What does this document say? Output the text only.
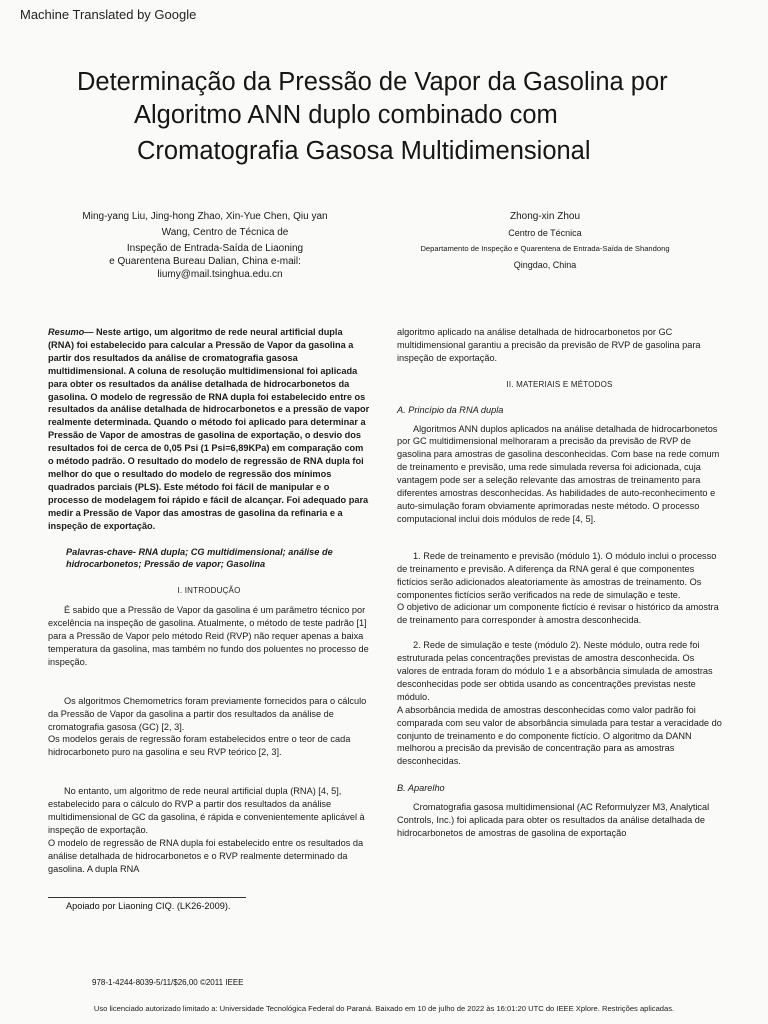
Machine Translated by Google
Determinação da Pressão de Vapor da Gasolina por
Algoritmo ANN duplo combinado com
Cromatografia Gasosa Multidimensional
Ming-yang Liu, Jing-hong Zhao, Xin-Yue Chen, Qiu yan
Wang, Centro de Técnica de
Inspeção de Entrada-Saída de Liaoning
e Quarentena Bureau Dalian, China e-mail:
liumy@mail.tsinghua.edu.cn
Zhong-xin Zhou
Centro de Técnica
Departamento de Inspeção e Quarentena de Entrada-Saída de Shandong
Qingdao, China

Resumo— Neste artigo, um algoritmo de rede neural artificial dupla (RNA) foi estabelecido para calcular a Pressão de Vapor da gasolina a partir dos resultados da análise de cromatografia gasosa multidimensional. A coluna de resolução multidimensional foi aplicada para obter os resultados da análise detalhada de hidrocarbonetos da gasolina. O modelo de regressão de RNA dupla foi estabelecido entre os resultados da análise detalhada de hidrocarbonetos e a pressão de vapor realmente determinada. Quando o método foi aplicado para determinar a Pressão de Vapor de amostras de gasolina de exportação, o desvio dos resultados foi de cerca de 0,05 Psi (1 Psi=6,89KPa) em comparação com o método padrão. O resultado do modelo de regressão de RNA dupla foi melhor do que o resultado do modelo de regressão dos mínimos quadrados parciais (PLS). Este método foi fácil de manipular e o processo de modelagem foi rápido e fácil de alcançar. Foi adequado para medir a Pressão de Vapor das amostras de gasolina da refinaria e a inspeção de exportação.

Palavras-chave- RNA dupla; CG multidimensional; análise de hidrocarbonetos; Pressão de vapor; Gasolina

I. INTRODUÇÃO

É sabido que a Pressão de Vapor da gasolina é um parâmetro técnico por excelência na inspeção de gasolina. Atualmente, o método de teste padrão [1] para a Pressão de Vapor pelo método Reid (RVP) não requer apenas a baixa temperatura da gasolina, mas também no fundo dos poluentes no processo de inspeção.

Os algoritmos Chemometrics foram previamente fornecidos para o cálculo da Pressão de Vapor da gasolina a partir dos resultados da análise de cromatografia gasosa (GC) [2, 3].

Os modelos gerais de regressão foram estabelecidos entre o teor de cada hidrocarboneto puro na gasolina e seu RVP teórico [2, 3].

No entanto, um algoritmo de rede neural artificial dupla (RNA) [4, 5], estabelecido para o cálculo do RVP a partir dos resultados da análise multidimensional de GC da gasolina, é rápida e convenientemente aplicável à inspeção de exportação.

O modelo de regressão de RNA dupla foi estabelecido entre os resultados da análise detalhada de hidrocarbonetos e o RVP realmente determinado da gasolina. A dupla RNA

algoritmo aplicado na análise detalhada de hidrocarbonetos por GC multidimensional garantiu a precisão da previsão de RVP de gasolina para inspeção de exportação.

II. MATERIAIS E MÉTODOS

A. Princípio da RNA dupla

Algoritmos ANN duplos aplicados na análise detalhada de hidrocarbonetos por GC multidimensional melhoraram a precisão da previsão de RVP de gasolina para amostras de gasolina desconhecidas. Com base na rede comum de treinamento e previsão, uma rede simulada reversa foi adicionada, cuja vantagem pode ser a seleção relevante das amostras de treinamento para diferentes amostras desconhecidas. As habilidades de auto-reconhecimento e auto-simulação foram obviamente aprimoradas neste método. O processo computacional inclui dois módulos de rede [4, 5].

1. Rede de treinamento e previsão (módulo 1). O módulo inclui o processo de treinamento e previsão. A diferença da RNA geral é que componentes fictícios serão adicionados aleatoriamente às amostras de treinamento. Os componentes fictícios serão verificados na rede de simulação e teste.

O objetivo de adicionar um componente fictício é revisar o histórico da amostra de treinamento para corresponder à amostra desconhecida.

2. Rede de simulação e teste (módulo 2). Neste módulo, outra rede foi estruturada pelas concentrações previstas de amostra desconhecida. Os valores de entrada foram do módulo 1 e a absorbância simulada de amostras desconhecidas pode ser obtida usando as concentrações previstas neste módulo.

A absorbância medida de amostras desconhecidas como valor padrão foi comparada com seu valor de absorbância simulada para testar a veracidade do conjunto de treinamento e do componente fictício. O algoritmo da DANN melhorou a precisão da previsão de concentração para as amostras desconhecidas.

B. Aparelho

Cromatografia gasosa multidimensional (AC Reformulyzer M3, Analytical Controls, Inc.) foi aplicada para obter os resultados da análise detalhada de hidrocarbonetos de amostras de gasolina de exportação

Apoiado por Liaoning CIQ. (LK26-2009).
978-1-4244-8039-5/11/$26,00 ©2011 IEEE
Uso licenciado autorizado limitado a: Universidade Tecnológica Federal do Paraná. Baixado em 10 de julho de 2022 às 16:01:20 UTC do IEEE Xplore. Restrições aplicadas.
